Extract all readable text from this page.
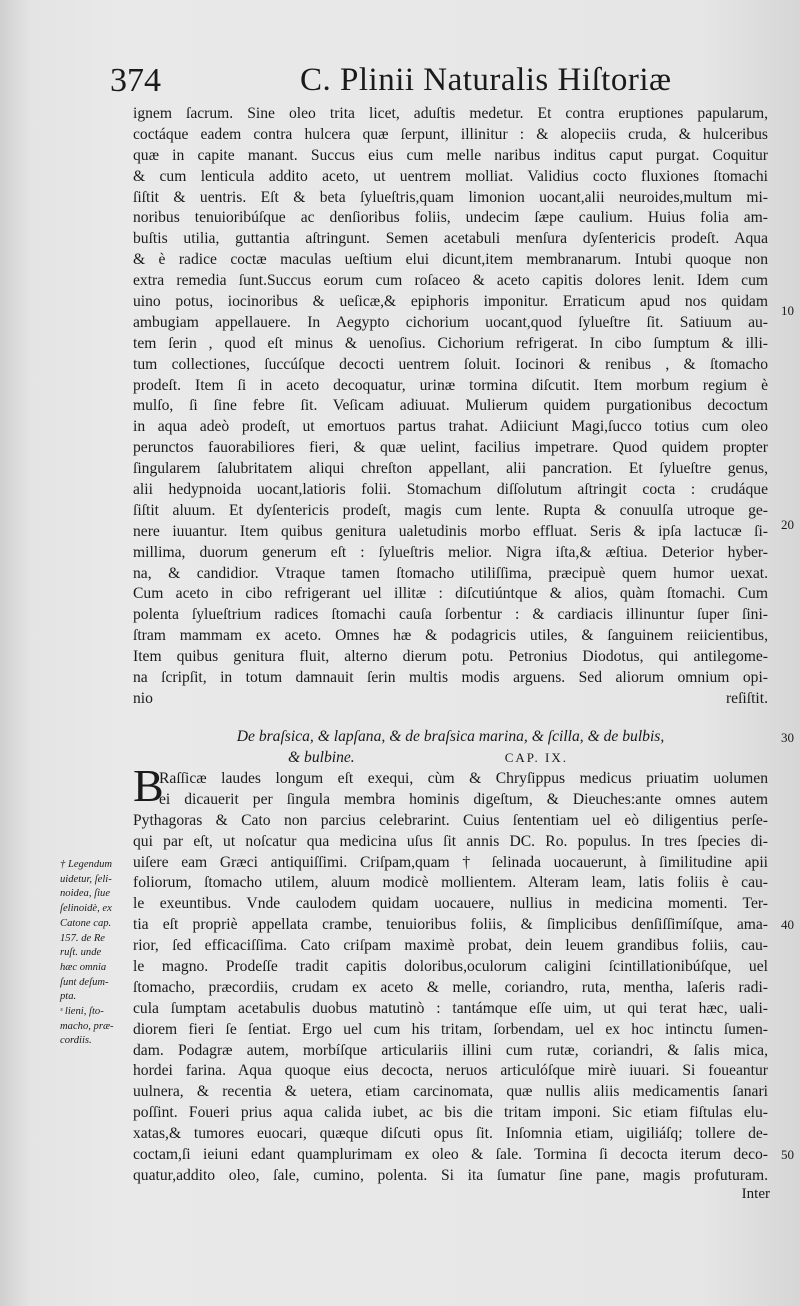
374	C. Plinii Naturalis Hiſtoriæ
ignem ſacrum. Sine oleo trita licet, aduſtis medetur. Et contra eruptiones papularum,
coctáque eadem contra hulcera quæ ſerpunt, illinitur : & alopeciis cruda, & hulceribus
quæ in capite manant. Succus eius cum melle naribus inditus caput purgat. Coquitur
& cum lenticula addito aceto, ut uentrem molliat. Validius cocto fluxiones ſtomachi
ſiſtit & uentris. Eſt & beta ſylueſtris,quam limonion uocant,alii neuroides,multum mi-
noribus tenuioribúſque ac denſioribus foliis, undecim ſæpe caulium. Huius folia am-
buſtis utilia, guttantia aſtringunt. Semen acetabuli menſura dyſentericis prodeſt. Aqua
& è radice coctæ maculas ueſtium elui dicunt,item membranarum. Intubi quoque non
extra remedia ſunt.Succus eorum cum roſaceo & aceto capitis dolores lenit. Idem cum
uino potus, iocinoribus & ueſicæ,& epiphoris imponitur. Erraticum apud nos quidam
ambugiam appellauere. In Aegypto cichorium uocant,quod ſylueſtre ſit. Satiuum au-
tem ſerin , quod eſt minus & uenoſius. Cichorium refrigerat. In cibo ſumptum & illi-
tum collectiones, ſuccúſque decocti uentrem ſoluit. Iocinori & renibus , & ſtomacho
prodeſt. Item ſi in aceto decoquatur, urinæ tormina diſcutit. Item morbum regium è
mulſo, ſi ſine febre ſit. Veſicam adiuuat. Mulierum quidem purgationibus decoctum
in aqua adeò prodeſt, ut emortuos partus trahat. Adiiciunt Magi,ſucco totius cum oleo
perunctos fauorabiliores fieri, & quæ uelint, facilius impetrare. Quod quidem propter
ſingularem ſalubritatem aliqui chreſton appellant, alii pancration. Et ſylueſtre genus,
alii hedypnoida uocant,latioris folii. Stomachum diſſolutum aſtringit cocta : crudáque
ſiſtit aluum. Et dyſentericis prodeſt, magis cum lente. Rupta & conuulſa utroque ge-
nere iuuantur. Item quibus genitura ualetudinis morbo effluat. Seris & ipſa lactucæ ſi-
millima, duorum generum eſt : ſylueſtris melior. Nigra iſta,& æſtiua. Deterior hyber-
na, & candidior. Vtraque tamen ſtomacho utiliſſima, præcipuè quem humor uexat.
Cum aceto in cibo refrigerant uel illitæ : diſcutiúntque & alios, quàm ſtomachi. Cum
polenta ſylueſtrium radices ſtomachi cauſa ſorbentur : & cardiacis illinuntur ſuper ſini-
ſtram mammam ex aceto. Omnes hæ & podagricis utiles, & ſanguinem reiicientibus,
Item quibus genitura fluit, alterno dierum potu. Petronius Diodotus, qui antilegome-
na ſcripſit, in totum damnauit ſerin multis modis arguens. Sed aliorum omnium opi-
nio reſiſtit.
De braſsica, & lapſana, & de braſsica marina, & ſcilla, & de bulbis,
& bulbine.	CAP. IX.
B
Raſſicæ laudes longum eſt exequi, cùm & Chryſippus medicus priuatim uolumen
ei dicauerit per ſingula membra hominis digeſtum, & Dieuches:ante omnes autem
Pythagoras & Cato non parcius celebrarint. Cuius ſententiam uel eò diligentius perſe-
qui par eſt, ut noſcatur qua medicina uſus ſit annis DC. Ro. populus. In tres ſpecies di-
uiſere eam Græci antiquiſſimi. Criſpam,quam † ſelinada uocauerunt, à ſimilitudine apii
foliorum, ſtomacho utilem, aluum modicè mollientem. Alteram leam, latis foliis è cau-
le exeuntibus. Vnde caulodem quidam uocauere, nullius in medicina momenti. Ter-
tia eſt propriè appellata crambe, tenuioribus foliis, & ſimplicibus denſiſſimíſque, ama-
rior, ſed efficaciſſima. Cato criſpam maximè probat, dein leuem grandibus foliis, cau-
le magno. Prodeſſe tradit capitis doloribus,oculorum caligini ſcintillationibúſque, uel
ſtomacho, præcordiis, crudam ex aceto & melle, coriandro, ruta, mentha, laſeris radi-
cula ſumptam acetabulis duobus matutinò : tantámque eſſe uim, ut qui terat hæc, uali-
diorem fieri ſe ſentiat. Ergo uel cum his tritam, ſorbendam, uel ex hoc intinctu ſumen-
dam. Podagræ autem, morbíſque articulariis illini cum rutæ, coriandri, & ſalis mica,
hordei farina. Aqua quoque eius decocta, neruos articulóſque mirè iuuari. Si foueantur
uulnera, & recentia & uetera, etiam carcinomata, quæ nullis aliis medicamentis ſanari
poſſint. Foueri prius aqua calida iubet, ac bis die tritam imponi. Sic etiam fiſtulas elu-
xatas,& tumores euocari, quæque diſcuti opus ſit. Inſomnia etiam, uigiliáſq; tollere de-
coctam,ſi ieiuni edant quamplurimam ex oleo & ſale. Tormina ſi decocta iterum deco-
quatur,addito oleo, ſale, cumino, polenta. Si ita ſumatur ſine pane, magis profuturam.
† Legendum
uidetur, ſeli-
noidea, ſiue
ſelinoidè, ex
Catone cap.
157. de Re
ruſt. unde
hæc omnia
ſunt deſum-
pta.
ˢ lieni, ſto-
macho, præ-
cordiis.
10
20
30
40
50
Inter
